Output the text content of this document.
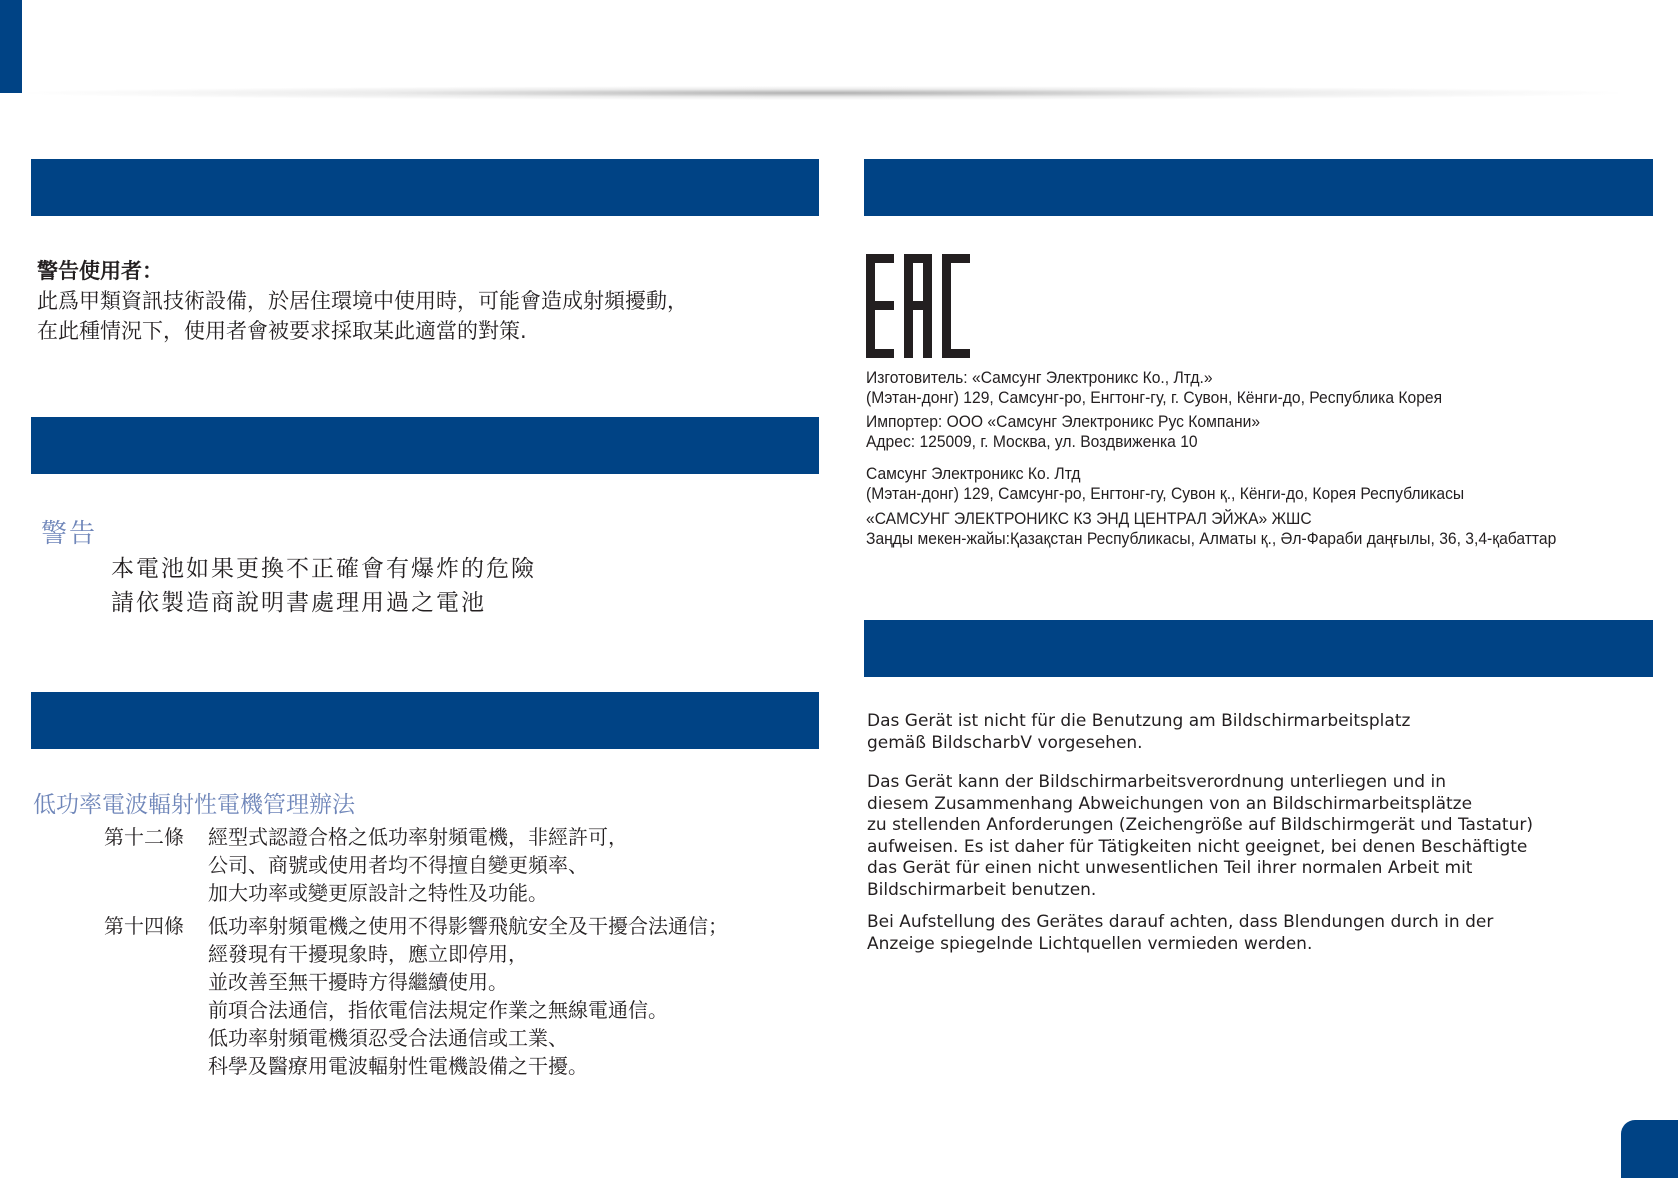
警告使用者：
此爲甲類資訊技術設備，於居住環境中使用時，可能會造成射頻擾動，
在此種情況下，使用者會被要求採取某此適當的對策.
警告
本電池如果更換不正確會有爆炸的危險
請依製造商說明書處理用過之電池
低功率電波輻射性電機管理辦法
第十二條 經型式認證合格之低功率射頻電機，非經許可，
公司、商號或使用者均不得擅自變更頻率、
加大功率或變更原設計之特性及功能。
第十四條 低功率射頻電機之使用不得影響飛航安全及干擾合法通信；
經發現有干擾現象時，應立即停用，
並改善至無干擾時方得繼續使用。
前項合法通信，指依電信法規定作業之無線電通信。
低功率射頻電機須忍受合法通信或工業、
科學及醫療用電波輻射性電機設備之干擾。
Изготовитель: «Самсунг Электроникс Ко., Лтд.»
(Мэтан-донг) 129, Самсунг-ро, Енгтонг-гу, г. Сувон, Кёнги-до, Республика Корея
Импортер: ООО «Самсунг Электроникс Рус Компани»
Адрес: 125009, г. Москва, ул. Воздвиженка 10
Самсунг Электроникс Ко. Лтд
(Мэтан-донг) 129, Самсунг-ро, Енгтонг-гу, Сувон қ., Кёнги-до, Корея Республикасы
«САМСУНГ ЭЛЕКТРОНИКС КЗ ЭНД ЦЕНТРАЛ ЭЙЖА» ЖШС
Заңды мекен-жайы:Қазақстан Республикасы, Алматы қ., Әл-Фараби даңғылы, 36, 3,4-қабаттар
Das Gerät ist nicht für die Benutzung am Bildschirmarbeitsplatz
gemäß BildscharbV vorgesehen.
Das Gerät kann der Bildschirmarbeitsverordnung unterliegen und in
diesem Zusammenhang Abweichungen von an Bildschirmarbeitsplätze
zu stellenden Anforderungen (Zeichengröße auf Bildschirmgerät und Tastatur)
aufweisen. Es ist daher für Tätigkeiten nicht geeignet, bei denen Beschäftigte
das Gerät für einen nicht unwesentlichen Teil ihrer normalen Arbeit mit
Bildschirmarbeit benutzen.
Bei Aufstellung des Gerätes darauf achten, dass Blendungen durch in der
Anzeige spiegelnde Lichtquellen vermieden werden.
